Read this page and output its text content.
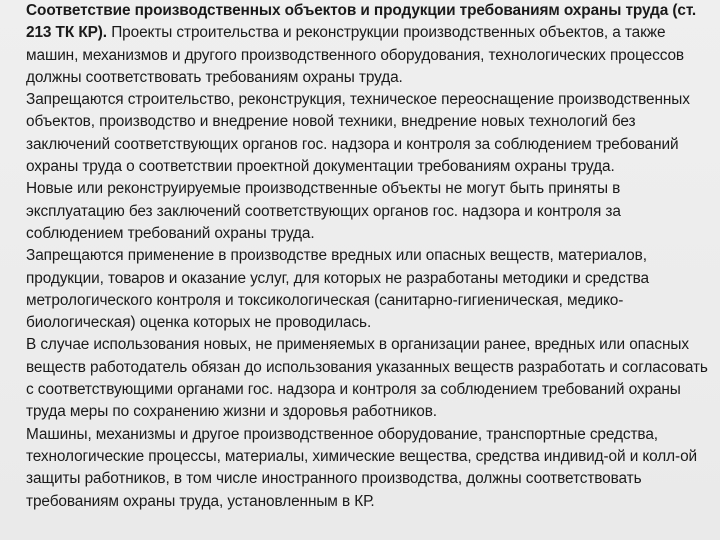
Соответствие производственных объектов и продукции требованиям охраны труда (ст. 213 ТК КР). Проекты строительства и реконструкции производственных объектов, а также машин, механизмов и другого производственного оборудования, технологических процессов должны соответствовать требованиям охраны труда.

Запрещаются строительство, реконструкция, техническое переоснащение производственных объектов, производство и внедрение новой техники, внедрение новых технологий без заключений соответствующих органов гос. надзора и контроля за соблюдением требований охраны труда о соответствии проектной документации требованиям охраны труда.

Новые или реконструируемые производственные объекты не могут быть приняты в эксплуатацию без заключений соответствующих органов гос. надзора и контроля за соблюдением требований охраны труда.

Запрещаются применение в производстве вредных или опасных веществ, материалов, продукции, товаров и оказание услуг, для которых не разработаны методики и средства метрологического контроля и токсикологическая (санитарно-гигиеническая, медико-биологическая) оценка которых не проводилась.

В случае использования новых, не применяемых в организации ранее, вредных или опасных веществ работодатель обязан до использования указанных веществ разработать и согласовать с соответствующими органами гос. надзора и контроля за соблюдением требований охраны труда меры по сохранению жизни и здоровья работников.

Машины, механизмы и другое производственное оборудование, транспортные средства, технологические процессы, материалы, химические вещества, средства индивид-ой и колл-ой защиты работников, в том числе иностранного производства, должны соответствовать требованиям охраны труда, установленным в КР.
